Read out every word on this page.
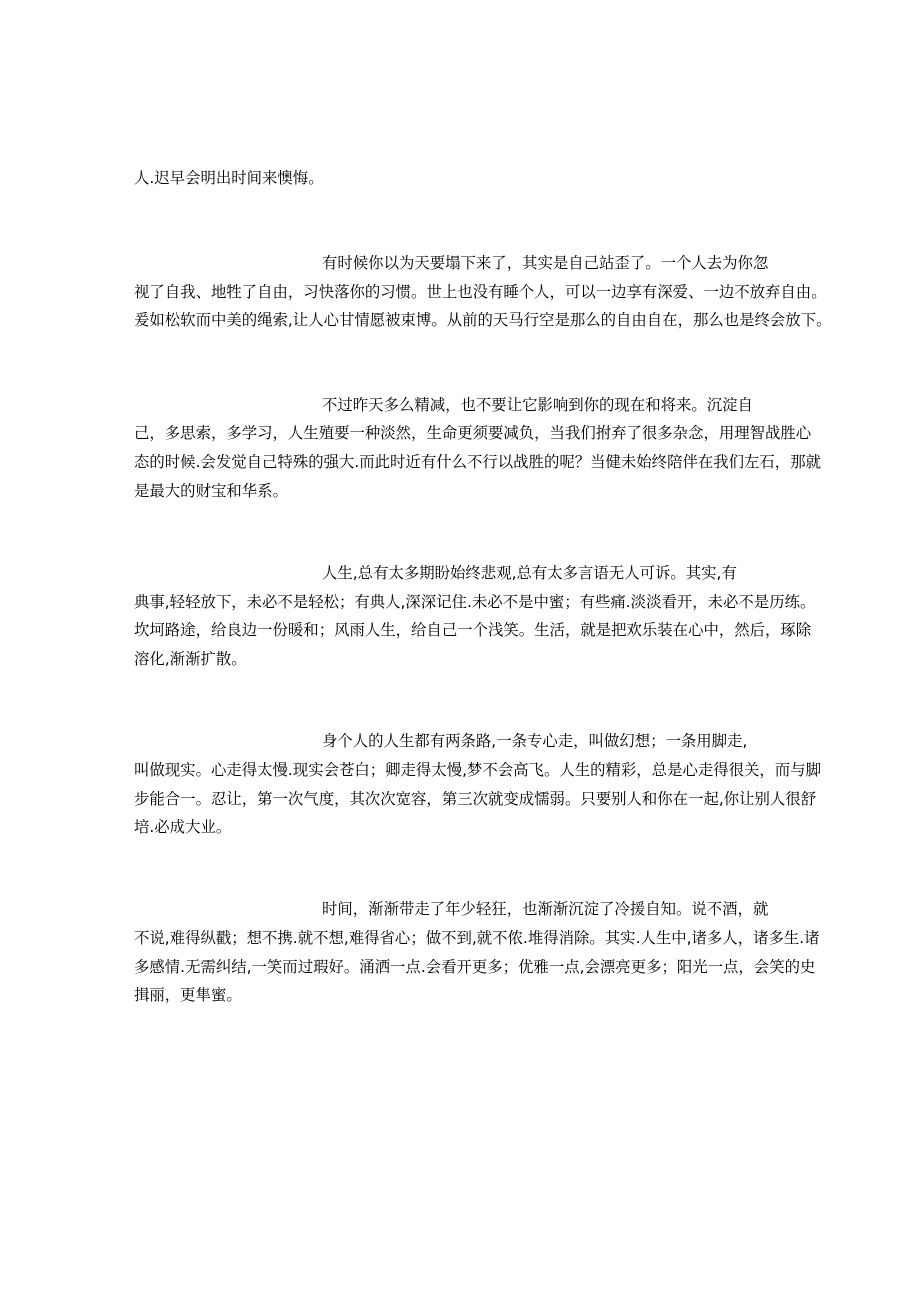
人.迟早会明出时间来懊悔。
有时候你以为天要塌下来了，其实是自己站歪了。一个人去为你忽
视了自我、地牲了自由，习快落你的习惯。世上也没有睡个人，可以一边享有深爱、一边不放弃自由。
爰如松软而中美的绳索,让人心甘情愿被束博。从前的天马行空是那么的自由自在，那么也是终会放下。
不过昨天多么精减，也不要让它影响到你的现在和将来。沉淀自
己，多思索，多学习，人生殖要一种淡然，生命更须要减负，当我们拊弃了很多杂念，用理智战胜心
态的时候.会发觉自己特殊的强大.而此时近有什么不行以战胜的呢？当健未始终陪伴在我们左石，那就
是最大的财宝和华系。
人生,总有太多期盼始终悲观,总有太多言语无人可诉。其实,有
典事,轻轻放下，未必不是轻松；有典人,深深记住.未必不是中蜜；有些痛.淡淡看开，未必不是历练。
坎坷路途，给良边一份暖和；风雨人生，给自己一个浅笑。生活，就是把欢乐装在心中，然后，琢除
溶化,渐渐扩散。
身个人的人生都有两条路,一条专心走，叫做幻想；一条用脚走,
叫做现实。心走得太慢.现实会苍白；卿走得太慢,梦不会高飞。人生的精彩，总是心走得很关，而与脚
步能合一。忍让，第一次气度，其次次宽容，第三次就变成懦弱。只要别人和你在一起,你让别人很舒
培.必成大业。
时间，渐渐带走了年少轻狂，也渐渐沉淀了冷援自知。说不酒，就
不说,难得纵戳；想不携.就不想,难得省心；做不到,就不侬.堆得消除。其实.人生中,诸多人，诸多生.诸
多感情.无需纠结,一笑而过瑕好。涌洒一点.会看开更多；优雅一点,会漂亮更多；阳光一点，会笑的史
揖丽，更隼蜜。
